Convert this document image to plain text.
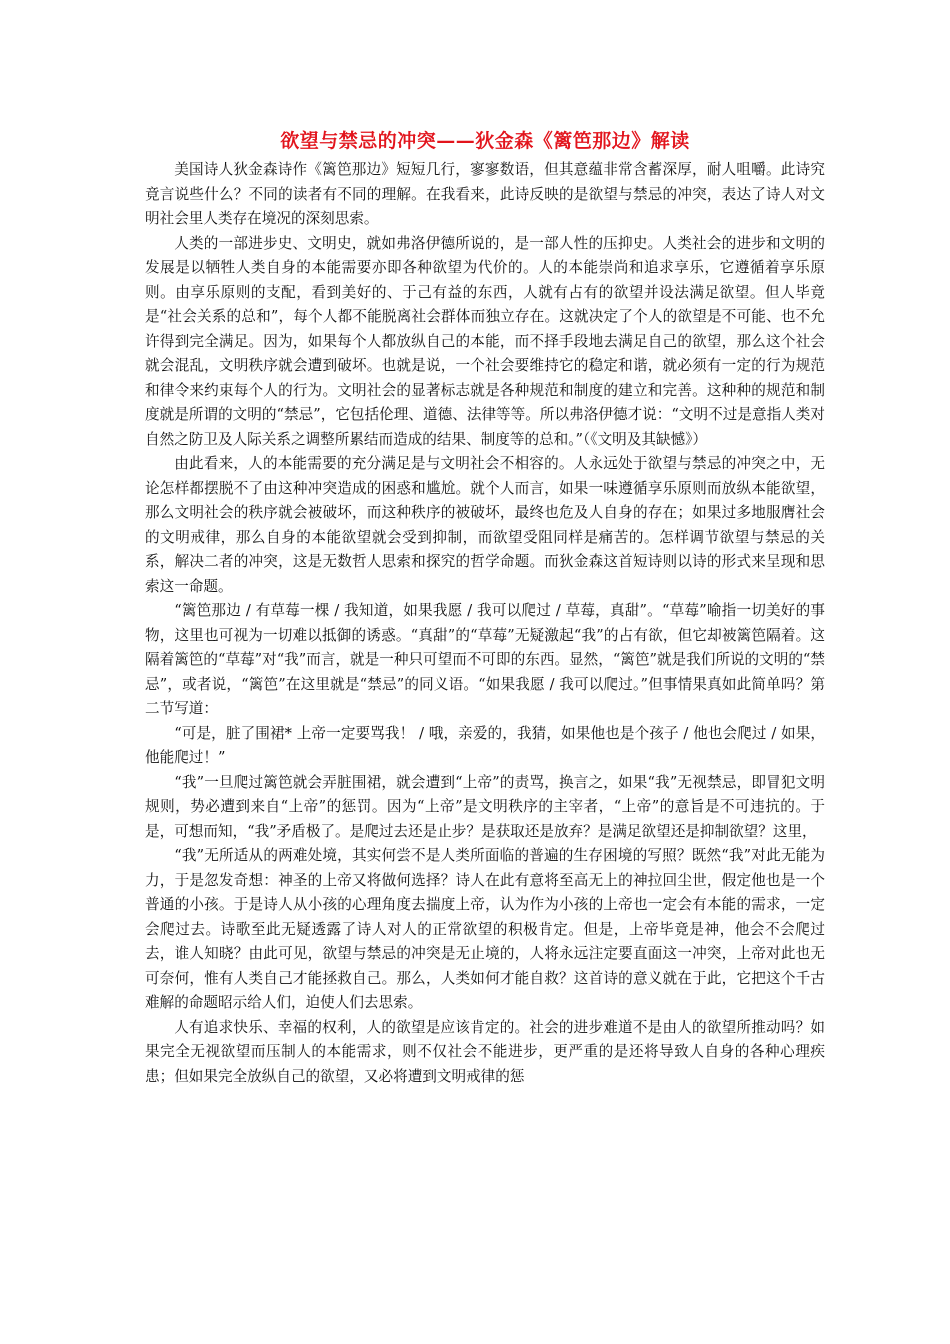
欲望与禁忌的冲突——狄金森《篱笆那边》解读

美国诗人狄金森诗作《篱笆那边》短短几行，寥寥数语，但其意蕴非常含蓄深厚，耐人咀嚼。此诗究竟言说些什么？不同的读者有不同的理解。在我看来，此诗反映的是欲望与禁忌的冲突，表达了诗人对文明社会里人类存在境况的深刻思索。

人类的一部进步史、文明史，就如弗洛伊德所说的，是一部人性的压抑史。人类社会的进步和文明的发展是以牺牲人类自身的本能需要亦即各种欲望为代价的。人的本能崇尚和追求享乐，它遵循着享乐原则。由享乐原则的支配，看到美好的、于己有益的东西，人就有占有的欲望并设法满足欲望。但人毕竟是“社会关系的总和”，每个人都不能脱离社会群体而独立存在。这就决定了个人的欲望是不可能、也不允许得到完全满足。因为，如果每个人都放纵自己的本能，而不择手段地去满足自己的欲望，那么这个社会就会混乱，文明秩序就会遭到破坏。也就是说，一个社会要维持它的稳定和谐，就必须有一定的行为规范和律令来约束每个人的行为。文明社会的显著标志就是各种规范和制度的建立和完善。这种种的规范和制度就是所谓的文明的“禁忌”，它包括伦理、道德、法律等等。所以弗洛伊德才说：“文明不过是意指人类对自然之防卫及人际关系之调整所累结而造成的结果、制度等的总和。”（《文明及其缺憾》）

由此看来，人的本能需要的充分满足是与文明社会不相容的。人永远处于欲望与禁忌的冲突之中，无论怎样都摆脱不了由这种冲突造成的困惑和尴尬。就个人而言，如果一味遵循享乐原则而放纵本能欲望，那么文明社会的秩序就会被破坏，而这种秩序的被破坏，最终也危及人自身的存在；如果过多地服膺社会的文明戒律，那么自身的本能欲望就会受到抑制，而欲望受阻同样是痛苦的。怎样调节欲望与禁忌的关系，解决二者的冲突，这是无数哲人思索和探究的哲学命题。而狄金森这首短诗则以诗的形式来呈现和思索这一命题。

“篱笆那边 / 有草莓一棵 / 我知道，如果我愿 / 我可以爬过 / 草莓，真甜”。“草莓”喻指一切美好的事物，这里也可视为一切难以抵御的诱惑。“真甜”的“草莓”无疑激起“我”的占有欲，但它却被篱笆隔着。这隔着篱笆的“草莓”对“我”而言，就是一种只可望而不可即的东西。显然，“篱笆”就是我们所说的文明的“禁忌”，或者说，“篱笆”在这里就是“禁忌”的同义语。“如果我愿 / 我可以爬过。”但事情果真如此简单吗？第二节写道：

“可是，脏了围裙* 上帝一定要骂我！ / 哦，亲爱的，我猜，如果他也是个孩子 / 他也会爬过 / 如果，他能爬过！”

“我”一旦爬过篱笆就会弄脏围裙，就会遭到“上帝”的责骂，换言之，如果“我”无视禁忌，即冒犯文明规则，势必遭到来自“上帝”的惩罚。因为“上帝”是文明秩序的主宰者，“上帝”的意旨是不可违抗的。于是，可想而知，“我”矛盾极了。是爬过去还是止步？是获取还是放弃？是满足欲望还是抑制欲望？这里，

“我”无所适从的两难处境，其实何尝不是人类所面临的普遍的生存困境的写照？既然“我”对此无能为力，于是忽发奇想：神圣的上帝又将做何选择？诗人在此有意将至高无上的神拉回尘世，假定他也是一个普通的小孩。于是诗人从小孩的心理角度去揣度上帝，认为作为小孩的上帝也一定会有本能的需求，一定会爬过去。诗歌至此无疑透露了诗人对人的正常欲望的积极肯定。但是，上帝毕竟是神，他会不会爬过去，谁人知晓？由此可见，欲望与禁忌的冲突是无止境的，人将永远注定要直面这一冲突，上帝对此也无可奈何，惟有人类自己才能拯救自己。那么，人类如何才能自救？这首诗的意义就在于此，它把这个千古难解的命题昭示给人们，迫使人们去思索。

人有追求快乐、幸福的权利，人的欲望是应该肯定的。社会的进步难道不是由人的欲望所推动吗？如果完全无视欲望而压制人的本能需求，则不仅社会不能进步，更严重的是还将导致人自身的各种心理疾患；但如果完全放纵自己的欲望，又必将遭到文明戒律的惩
